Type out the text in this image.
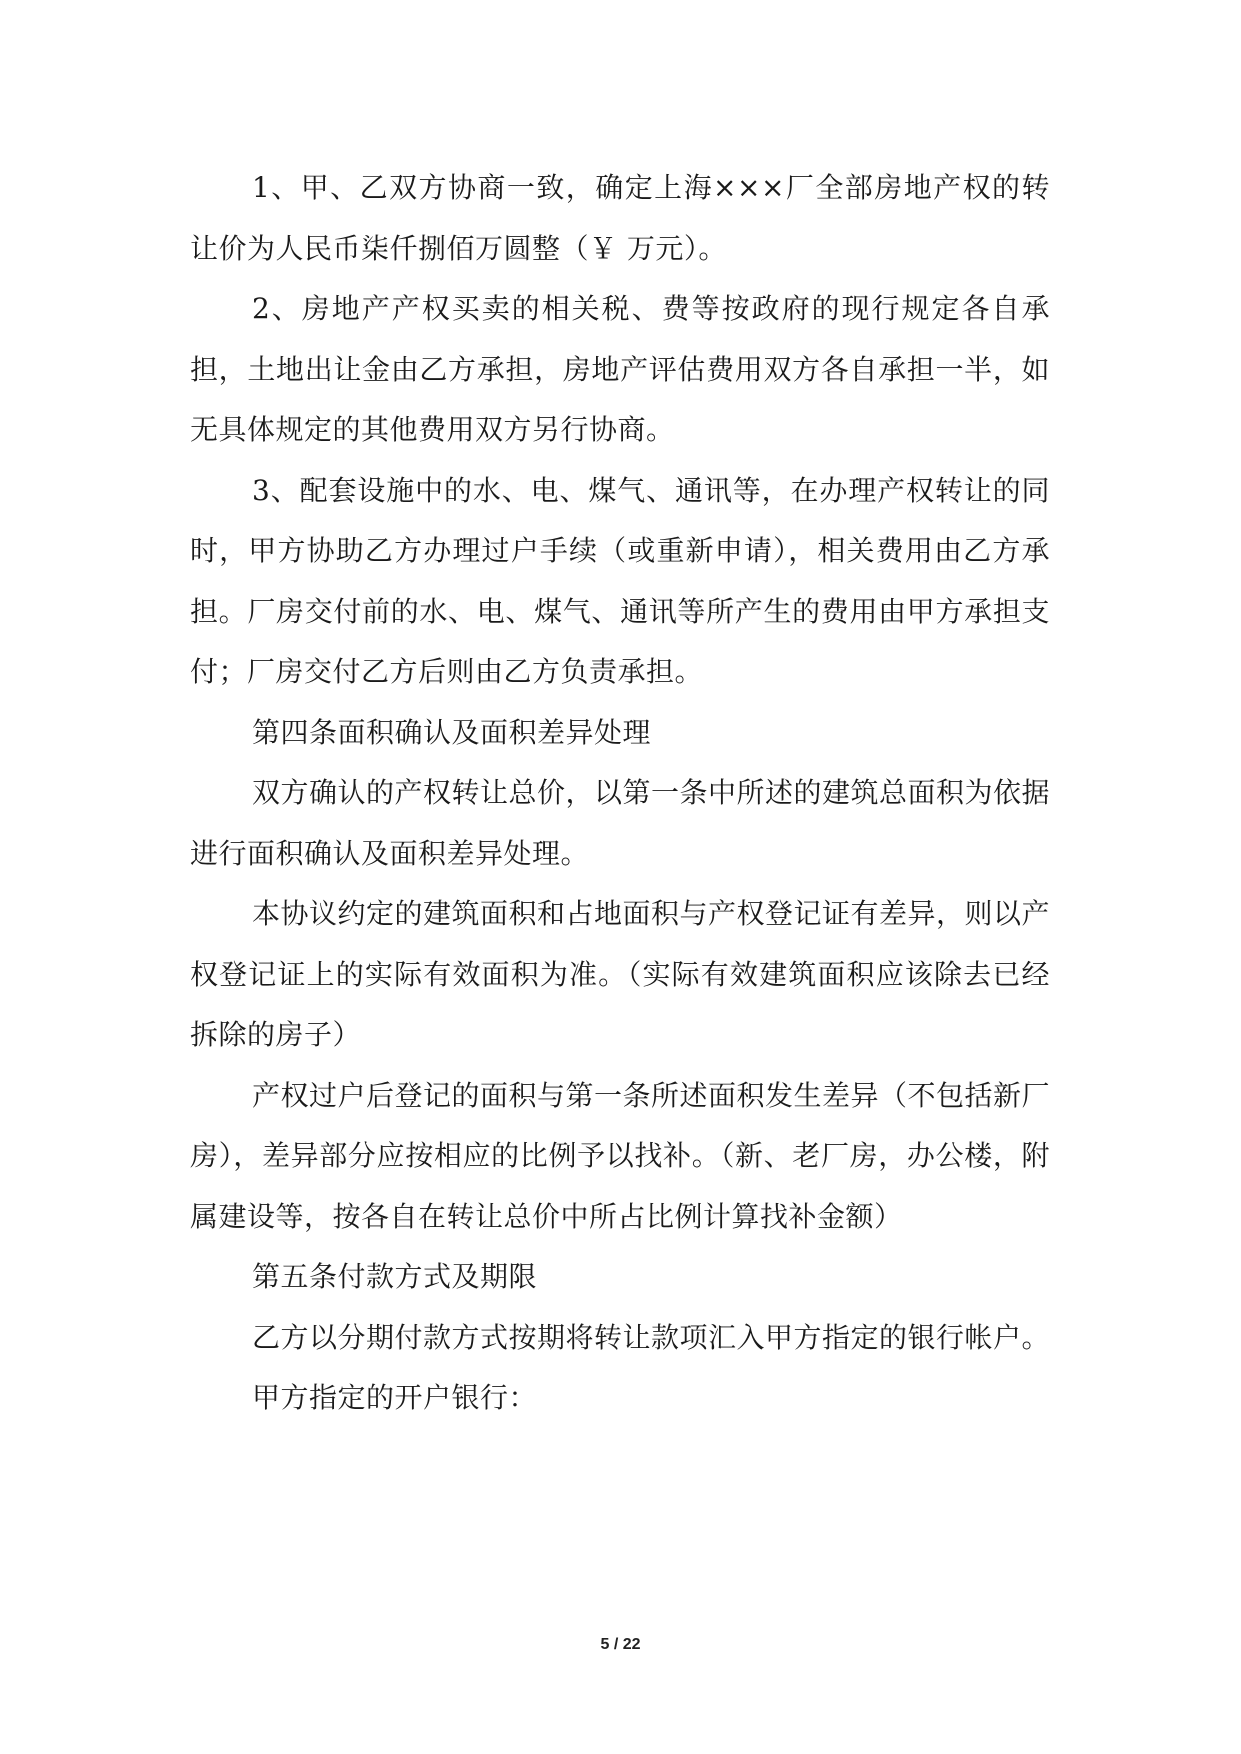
1、甲、乙双方协商一致，确定上海×××厂全部房地产权的转让价为人民币柒仟捌佰万圆整（￥ 万元）。

2、房地产产权买卖的相关税、费等按政府的现行规定各自承担，土地出让金由乙方承担，房地产评估费用双方各自承担一半，如无具体规定的其他费用双方另行协商。

3、配套设施中的水、电、煤气、通讯等，在办理产权转让的同时，甲方协助乙方办理过户手续（或重新申请），相关费用由乙方承担。厂房交付前的水、电、煤气、通讯等所产生的费用由甲方承担支付；厂房交付乙方后则由乙方负责承担。

第四条面积确认及面积差异处理

双方确认的产权转让总价，以第一条中所述的建筑总面积为依据进行面积确认及面积差异处理。

本协议约定的建筑面积和占地面积与产权登记证有差异，则以产权登记证上的实际有效面积为准。（实际有效建筑面积应该除去已经拆除的房子）

产权过户后登记的面积与第一条所述面积发生差异（不包括新厂房），差异部分应按相应的比例予以找补。（新、老厂房，办公楼，附属建设等，按各自在转让总价中所占比例计算找补金额）

第五条付款方式及期限

乙方以分期付款方式按期将转让款项汇入甲方指定的银行帐户。

甲方指定的开户银行：

5 / 22
